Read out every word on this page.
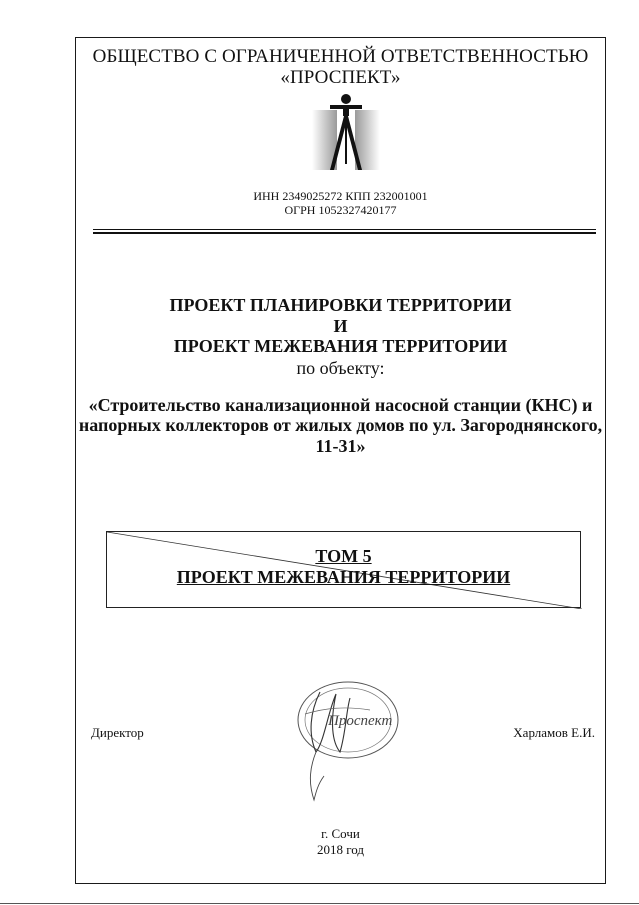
ОБЩЕСТВО С ОГРАНИЧЕННОЙ ОТВЕТСТВЕННОСТЬЮ
«ПРОСПЕКТ»
ИНН 2349025272 КПП 232001001
ОГРН 1052327420177
ПРОЕКТ ПЛАНИРОВКИ ТЕРРИТОРИИ
И
ПРОЕКТ МЕЖЕВАНИЯ ТЕРРИТОРИИ
по объекту:
«Строительство канализационной насосной станции (КНС) и
напорных коллекторов от жилых домов по ул. Загороднянского,
11-31»
ТОМ 5
ПРОЕКТ МЕЖЕВАНИЯ ТЕРРИТОРИИ
Директор	Харламов Е.И.
Проспект
г. Сочи
2018 год
